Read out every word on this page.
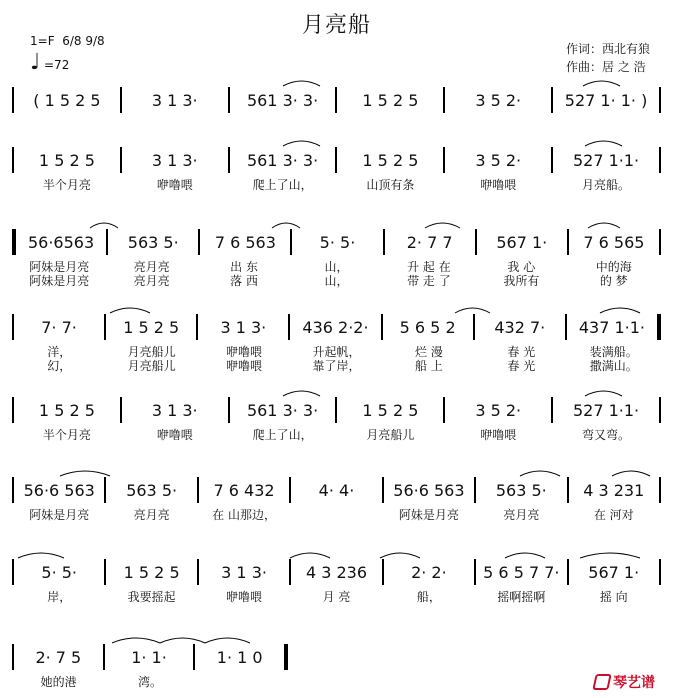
月亮船
1=F 6/8 9/8
♩ =72
作词：西北有狼
作曲：居 之 浩
( 1 5 2 5	3 1 3·	561 3· 3·	1 5 2 5	3 5 2·	527 1· 1· )
1 5 2 5	3 1 3·	561 3· 3·	1 5 2 5	3 5 2·	527 1·1·
半个月亮	咿噜喂	爬上了山，	山顶有条	咿噜喂	月亮船。
56·6563	563 5·	7 6 563	5· 5·	2· 7 7	567 1·	7 6 565
阿妹是月亮	亮月亮	出 东	山，	升 起 在	我 心	中的海
阿妹是月亮	亮月亮	落 西	山，	带 走 了	我所有	的 梦
7· 7·	1 5 2 5	3 1 3·	436 2·2·	5 6 5 2	432 7·	437 1·1·
洋，	月亮船儿	咿噜喂	升起帆，	烂 漫	春 光	装满船。
幻，	月亮船儿	咿噜喂	靠了岸，	船 上	春 光	撒满山。
1 5 2 5	3 1 3·	561 3· 3·	1 5 2 5	3 5 2·	527 1·1·
半个月亮	咿噜喂	爬上了山，	月亮船儿	咿噜喂	弯又弯。
56·6 563	563 5·	7 6 432	4· 4·	56·6 563	563 5·	4 3 231
阿妹是月亮	亮月亮	在 山那边，	阿妹是月亮	亮月亮	在 河对
5· 5·	1 5 2 5	3 1 3·	4 3 236	2· 2·	5 6 5 7 7·	567 1·
岸，	我要摇起	咿噜喂	月 亮	船，	摇啊摇啊	摇 向
2· 7 5	1· 1·	1· 1 0
她的港	湾。	琴艺谱
